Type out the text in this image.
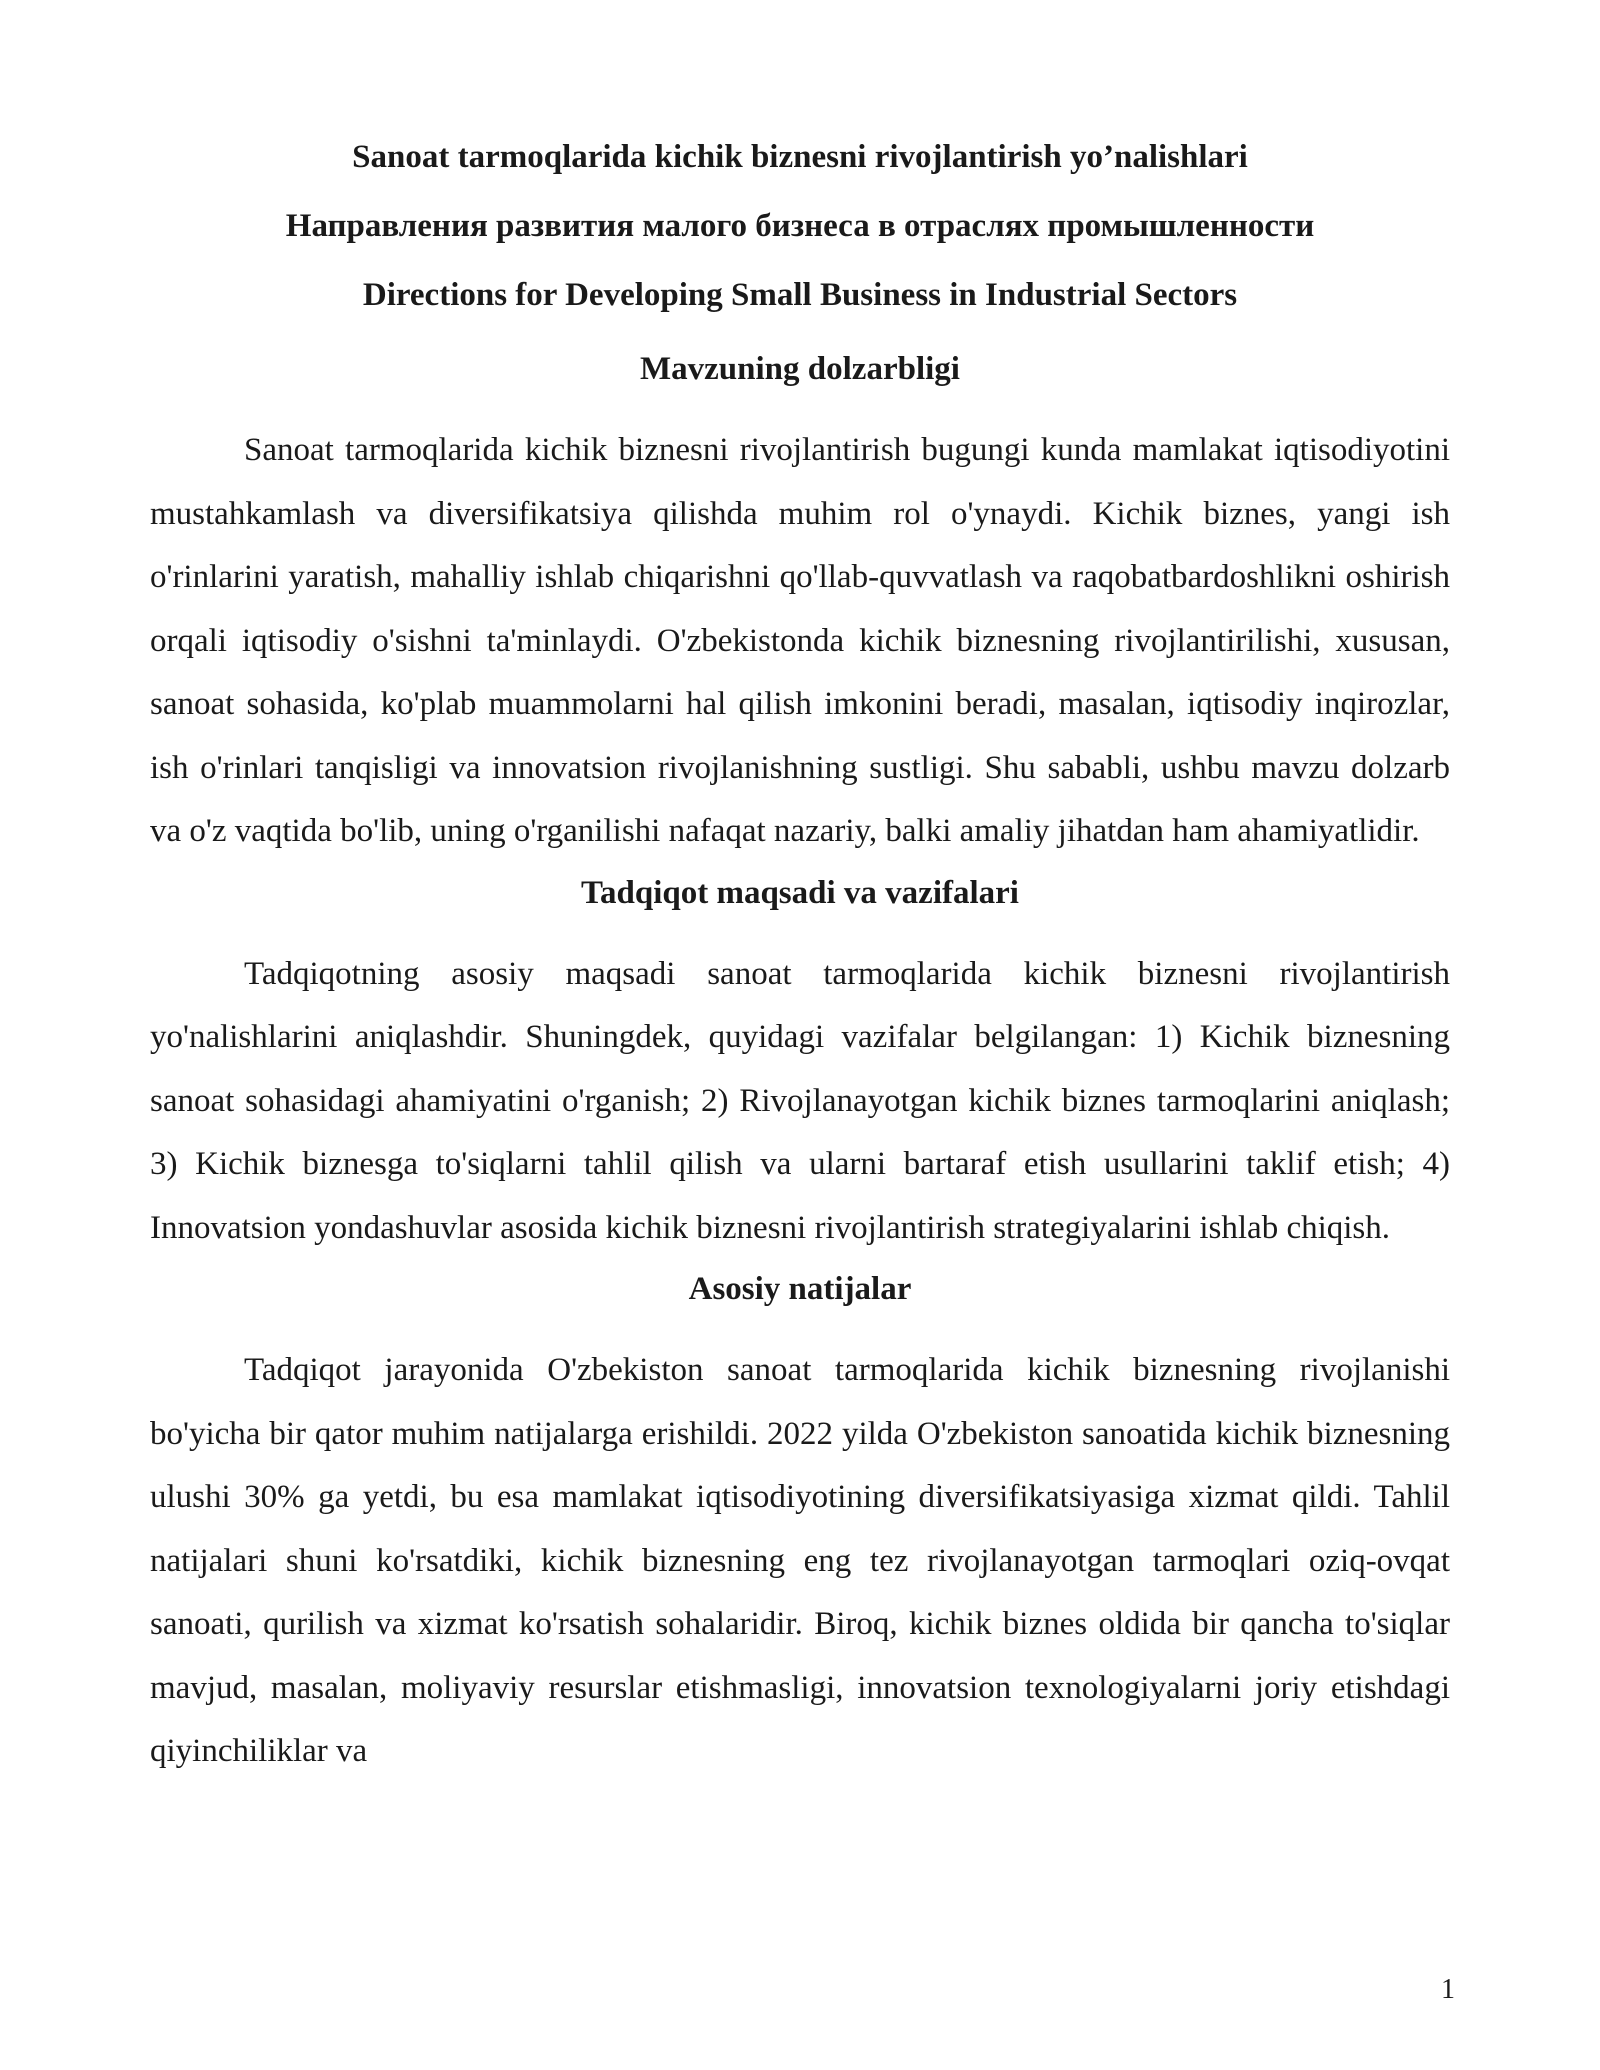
Sanoat tarmoqlarida kichik biznesni rivojlantirish yo’nalishlari
Направления развития малого бизнеса в отраслях промышленности
Directions for Developing Small Business in Industrial Sectors
Mavzuning dolzarbligi

Sanoat tarmoqlarida kichik biznesni rivojlantirish bugungi kunda mamlakat iqtisodiyotini mustahkamlash va diversifikatsiya qilishda muhim rol o'ynaydi. Kichik biznes, yangi ish o'rinlarini yaratish, mahalliy ishlab chiqarishni qo'llab-quvvatlash va raqobatbardoshlikni oshirish orqali iqtisodiy o'sishni ta'minlaydi. O'zbekistonda kichik biznesning rivojlantirilishi, xususan, sanoat sohasida, ko'plab muammolarni hal qilish imkonini beradi, masalan, iqtisodiy inqirozlar, ish o'rinlari tanqisligi va innovatsion rivojlanishning sustligi. Shu sababli, ushbu mavzu dolzarb va o'z vaqtida bo'lib, uning o'rganilishi nafaqat nazariy, balki amaliy jihatdan ham ahamiyatlidir.

Tadqiqot maqsadi va vazifalari

Tadqiqotning asosiy maqsadi sanoat tarmoqlarida kichik biznesni rivojlantirish yo'nalishlarini aniqlashdir. Shuningdek, quyidagi vazifalar belgilangan: 1) Kichik biznesning sanoat sohasidagi ahamiyatini o'rganish; 2) Rivojlanayotgan kichik biznes tarmoqlarini aniqlash; 3) Kichik biznesga to'siqlarni tahlil qilish va ularni bartaraf etish usullarini taklif etish; 4) Innovatsion yondashuvlar asosida kichik biznesni rivojlantirish strategiyalarini ishlab chiqish.

Asosiy natijalar

Tadqiqot jarayonida O'zbekiston sanoat tarmoqlarida kichik biznesning rivojlanishi bo'yicha bir qator muhim natijalarga erishildi. 2022 yilda O'zbekiston sanoatida kichik biznesning ulushi 30% ga yetdi, bu esa mamlakat iqtisodiyotining diversifikatsiyasiga xizmat qildi. Tahlil natijalari shuni ko'rsatdiki, kichik biznesning eng tez rivojlanayotgan tarmoqlari oziq-ovqat sanoati, qurilish va xizmat ko'rsatish sohalaridir. Biroq, kichik biznes oldida bir qancha to'siqlar mavjud, masalan, moliyaviy resurslar etishmasligi, innovatsion texnologiyalarni joriy etishdagi qiyinchiliklar va

1
